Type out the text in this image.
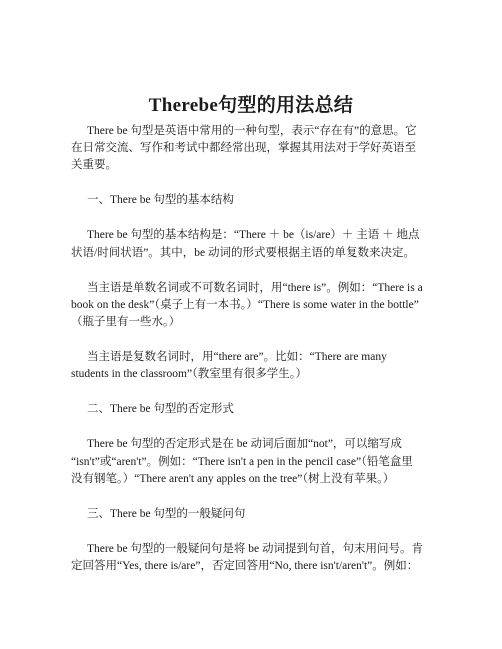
Therebe句型的用法总结

There be 句型是英语中常用的一种句型，表示“存在有”的意思。它

在日常交流、写作和考试中都经常出现，掌握其用法对于学好英语至

关重要。

一、There be 句型的基本结构

There be 句型的基本结构是：“There ＋ be（is/are）＋ 主语 ＋ 地点

状语/时间状语”。其中，be 动词的形式要根据主语的单复数来决定。

当主语是单数名词或不可数名词时，用“there is”。例如：“There is a

book on the desk”（桌子上有一本书。）“There is some water in the bottle”

（瓶子里有一些水。）

当主语是复数名词时，用“there are”。比如：“There are many

students in the classroom”（教室里有很多学生。）

二、There be 句型的否定形式

There be 句型的否定形式是在 be 动词后面加“not”，可以缩写成

“isn't”或“aren't”。例如：“There isn't a pen in the pencil case”（铅笔盒里

没有钢笔。）“There aren't any apples on the tree”（树上没有苹果。）

三、There be 句型的一般疑问句

There be 句型的一般疑问句是将 be 动词提到句首，句末用问号。肯

定回答用“Yes, there is/are”，否定回答用“No, there isn't/aren't”。例如：
